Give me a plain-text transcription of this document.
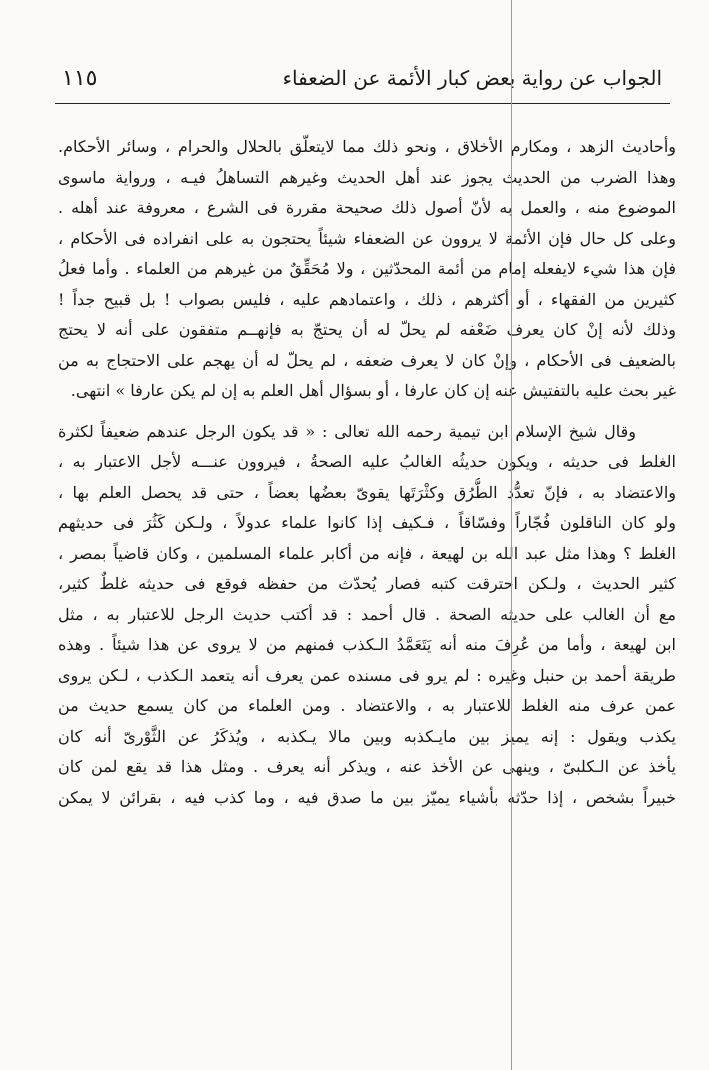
الجواب عن رواية بعض كبار الأئمة عن الضعفاء
١١٥
وأحاديث الزهد ، ومكارم الأخلاق ، ونحو ذلك مما لايتعلّق بالحلال والحرام ، وسائر الأحكام.
وهذا الضرب من الحديث يجوز عند أهل الحديث وغيرهم التساهلُ فيـه ، ورواية ماسوى
الموضوع منه ، والعمل به لأنّ أصول ذلك صحيحة مقررة فى الشرع ، معروفة عند أهله .
وعلى كل حال فإن الأئمة لا يروون عن الضعفاء شيئاً يحتجون به على انفراده فى الأحكام ،
فإن هذا شيء لايفعله إمام من أئمة المحدّثين ، ولا مُحَقِّقٌ من غيرهم من العلماء . وأما فعلُ
كثيرين من الفقهاء ، أو أكثرهم ، ذلك ، واعتمادهم عليه ، فليس بصواب ! بل قبيح جداً !
وذلك لأنه إنْ كان يعرف ضَعْفه لم يحلّ له أن يحتجّ به فإنهــم متفقون على أنه لا يحتج
بالضعيف فى الأحكام ، وإنْ كان لا يعرف ضعفه ، لم يحلّ له أن يهجم على الاحتجاج به من
غير بحث عليه بالتفتيش عنه إن كان عارفا ، أو بسؤال أهل العلم به إن لم يكن عارفا » انتهى.
وقال شيخ الإسلام ابن تيمية رحمه الله تعالى : « قد يكون الرجل عندهم ضعيفاً لكثرة
الغلط فى حديثه ، ويكون حديثُه الغالبُ عليه الصحةُ ، فيروون عنـــه لأجل الاعتبار به ،
والاعتضاد به ، فإنّ تعدُّد الطُّرُق وكثْرَتَها يقوىّ بعضُها بعضاً ، حتى قد يحصل العلم بها ،
ولو كان الناقلون فُجّاراً وفسّاقاً ، فـكيف إذا كانوا علماء عدولاً ، ولـكن كَثُرَ فى حديثهم
الغلط ؟ وهذا مثل عبد الله بن لهيعة ، فإنه من أكابر علماء المسلمين ، وكان قاضياً بمصر ،
كثير الحديث ، ولـكن احترقت كتبه فصار يُحدّث من حفظه فوقع فى حديثه غلطٌ كثير،
مع أن الغالب على حديثه الصحة . قال أحمد : قد أكتب حديث الرجل للاعتبار به ، مثل
ابن لهيعة ، وأما من عُرِفَ منه أنه يَتَعَمَّدُ الـكذب فمنهم من لا يروى عن هذا شيئاً . وهذه
طريقة أحمد بن حنبل وغيره : لم يرو فى مسنده عمن يعرف أنه يتعمد الـكذب ، لـكن يروى
عمن عرف منه الغلط للاعتبار به ، والاعتضاد . ومن العلماء من كان يسمع حديث من
يكذب ويقول : إنه يميز بين مايـكذبه وبين مالا يـكذبه ، ويُذكَرُ عن الثَّوْرىّ أنه كان
يأخذ عن الـكلبىّ ، وينهى عن الأخذ عنه ، ويذكر أنه يعرف . ومثل هذا قد يقع لمن كان
خبيراً بشخص ، إذا حدّثه بأشياء يميّز بين ما صدق فيه ، وما كذب فيه ، بقرائن لا يمكن
